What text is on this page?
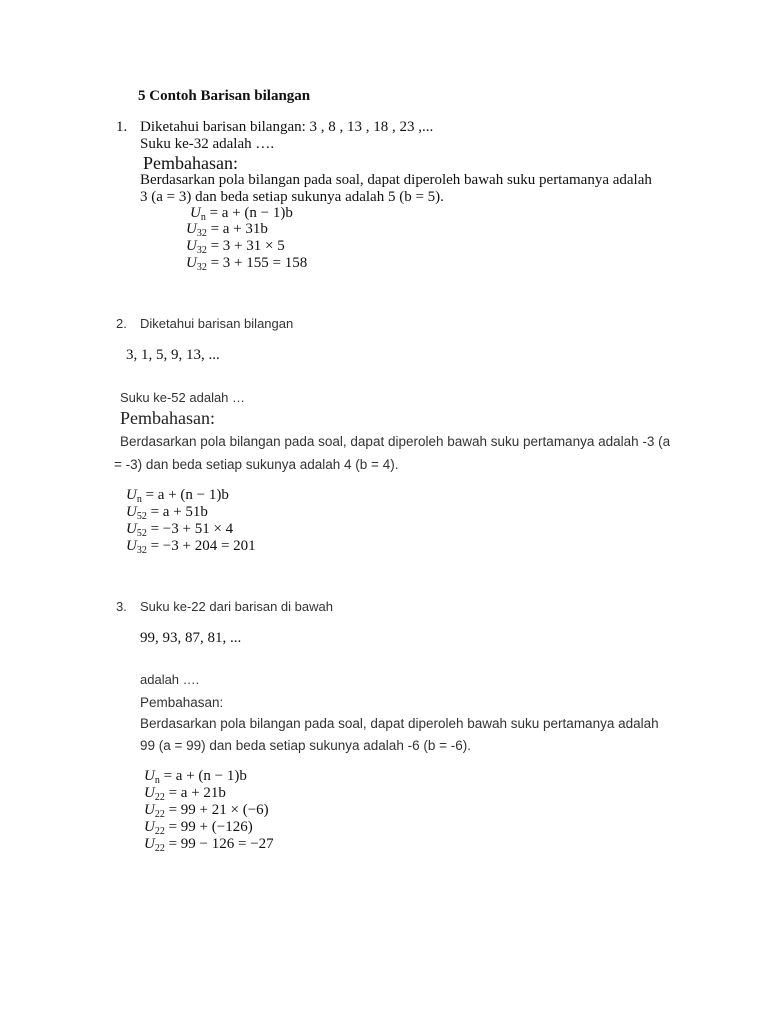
5 Contoh Barisan bilangan
1. Diketahui barisan bilangan: 3 , 8 , 13 , 18 , 23 ,...
Suku ke-32 adalah ….
Pembahasan:
Berdasarkan pola bilangan pada soal, dapat diperoleh bawah suku pertamanya adalah
3 (a = 3) dan beda setiap sukunya adalah 5 (b = 5).
$U_n = a + (n - 1)b$
$U_{32} = a + 31b$
$U_{32} = 3 + 31 \times 5$
$U_{32} = 3 + 155 = 158$
2. Diketahui barisan bilangan
3, 1, 5, 9, 13, ...
Suku ke-52 adalah …
Pembahasan:
Berdasarkan pola bilangan pada soal, dapat diperoleh bawah suku pertamanya adalah -3 (a
= -3) dan beda setiap sukunya adalah 4 (b = 4).
$U_n = a + (n - 1)b$
$U_{52} = a + 51b$
$U_{52} = -3 + 51 \times 4$
$U_{32} = -3 + 204 = 201$
3. Suku ke-22 dari barisan di bawah
99, 93, 87, 81, ...
adalah ….
Pembahasan:
Berdasarkan pola bilangan pada soal, dapat diperoleh bawah suku pertamanya adalah
99 (a = 99) dan beda setiap sukunya adalah -6 (b = -6).
$U_n = a + (n - 1)b$
$U_{22} = a + 21b$
$U_{22} = 99 + 21 \times (-6)$
$U_{22} = 99 + (-126)$
$U_{22} = 99 - 126 = -27$
